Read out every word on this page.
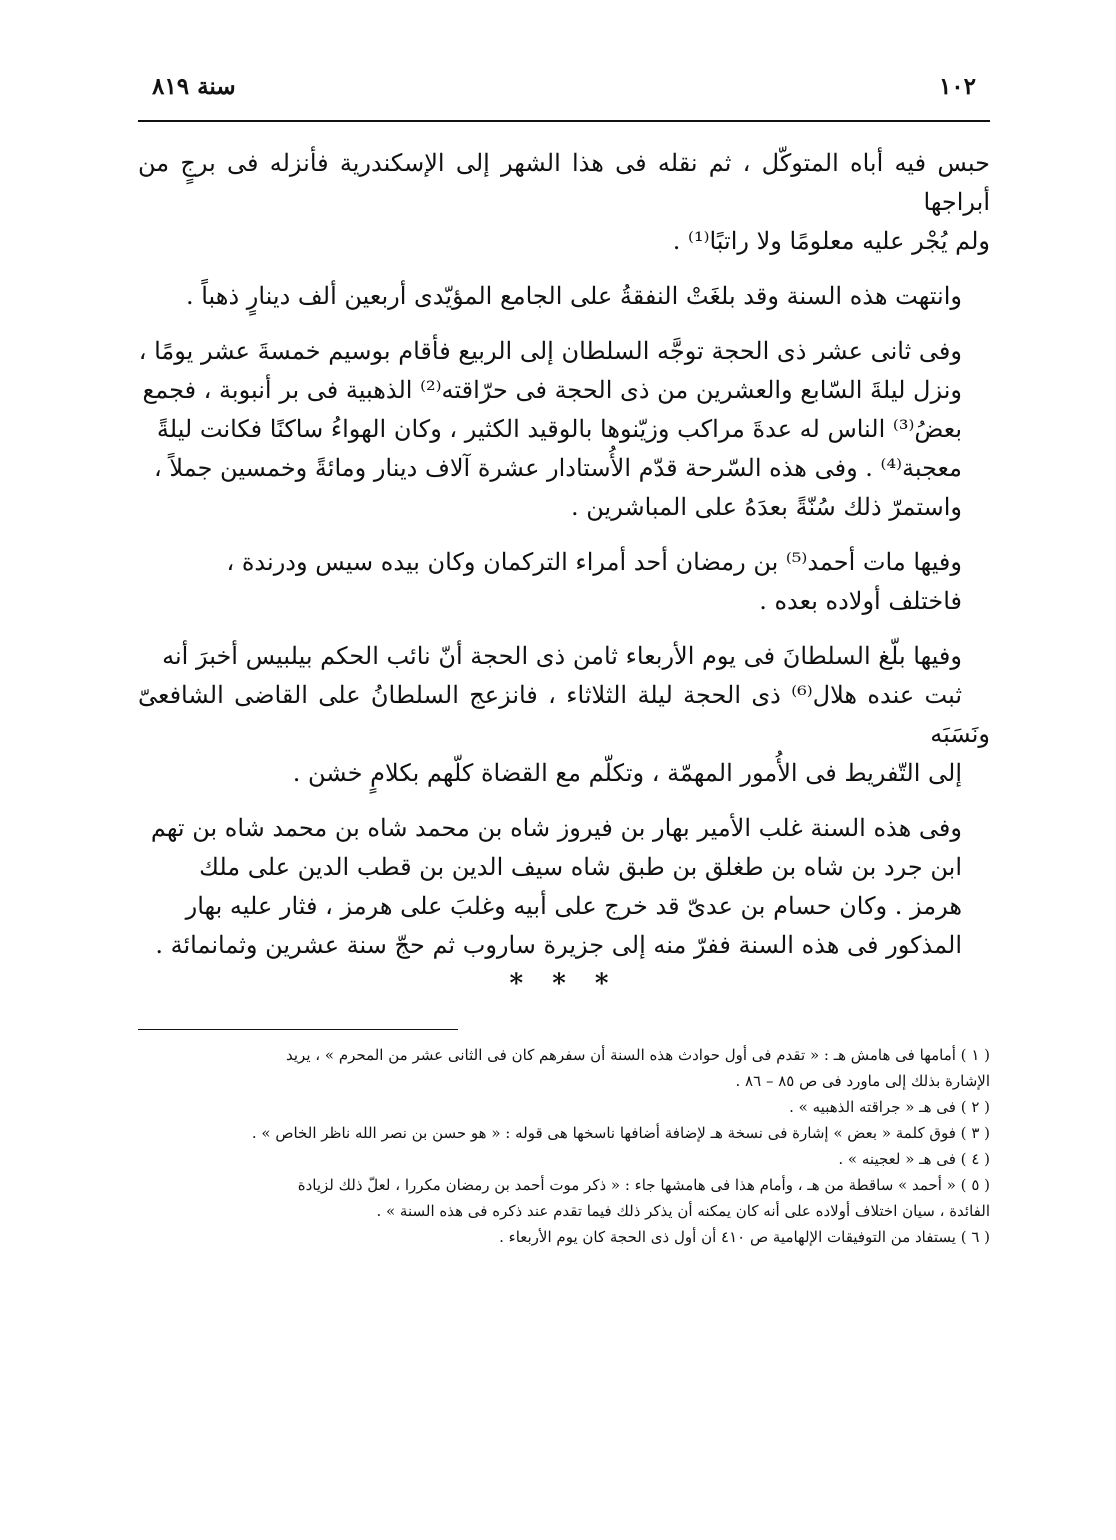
١٠٢
سنة ٨١٩

حبس فيه أباه المتوكّل ، ثم نقله فى هذا الشهر إلى الإسكندرية فأنزله فى برجٍ من أبراجها
ولم يُجْر عليه معلومًا ولا راتبًا⁽¹⁾ .

وانتهت هذه السنة وقد بلغَتْ النفقةُ على الجامع المؤيّدى أربعين ألف دينارٍ ذهباً .

وفى ثانى عشر ذى الحجة توجَّه السلطان إلى الربيع فأقام بوسيم خمسةَ عشر يومًا ،
ونزل ليلةَ السّابع والعشرين من ذى الحجة فى حرّاقته⁽²⁾ الذهبية فى بر أنبوبة ، فجمع
بعضُ⁽³⁾ الناس له عدةَ مراكب وزيّنوها بالوقيد الكثير ، وكان الهواءُ ساكنًا فكانت ليلةً
معجبة⁽⁴⁾ . وفى هذه السّرحة قدّم الأُستادار عشرة آلاف دينار ومائةً وخمسين جملاً ،
واستمرّ ذلك سُنّةً بعدَهُ على المباشرين .

وفيها مات أحمد⁽⁵⁾ بن رمضان أحد أمراء التركمان وكان بيده سيس ودرندة ،
فاختلف أولاده بعده .

وفيها بلّغ السلطانَ فى يوم الأربعاء ثامن ذى الحجة أنّ نائب الحكم بيلبيس أخبرَ أنه
ثبت عنده هلال⁽⁶⁾ ذى الحجة ليلة الثلاثاء ، فانزعج السلطانُ على القاضى الشافعىّ ونَسَبَه
إلى التّفريط فى الأُمور المهمّة ، وتكلّم مع القضاة كلّهم بكلامٍ خشن .

وفى هذه السنة غلب الأمير بهار بن فيروز شاه بن محمد شاه بن محمد شاه بن تهم
ابن جرد بن شاه بن طغلق بن طبق شاه سيف الدين بن قطب الدين على ملك
هرمز . وكان حسام بن عدىّ قد خرج على أبيه وغلبَ على هرمز ، فثار عليه بهار
المذكور فى هذه السنة ففرّ منه إلى جزيرة ساروب ثم حجّ سنة عشرين وثمانمائة .

* * *

( ١ ) أمامها فى هامش هـ : « تقدم فى أول حوادث هذه السنة أن سفرهم كان فى الثانى عشر من المحرم » ، يريد
الإشارة بذلك إلى ماورد فى ص ٨٥ – ٨٦ .

( ٢ ) فى هـ « جراقته الذهبيه » .

( ٣ ) فوق كلمة « بعض » إشارة فى نسخة هـ لإضافة أضافها ناسخها هى قوله : « هو حسن بن نصر الله ناظر الخاص » .

( ٤ ) فى هـ « لعجينه » .

( ٥ ) « أحمد » ساقطة من هـ ، وأمام هذا فى هامشها جاء : « ذكر موت أحمد بن رمضان مكررا ، لعلّ ذلك لزيادة
الفائدة ، سيان اختلاف أولاده على أنه كان يمكنه أن يذكر ذلك فيما تقدم عند ذكره فى هذه السنة » .

( ٦ ) يستفاد من التوفيقات الإلهامية ص ٤١٠ أن أول ذى الحجة كان يوم الأربعاء .
